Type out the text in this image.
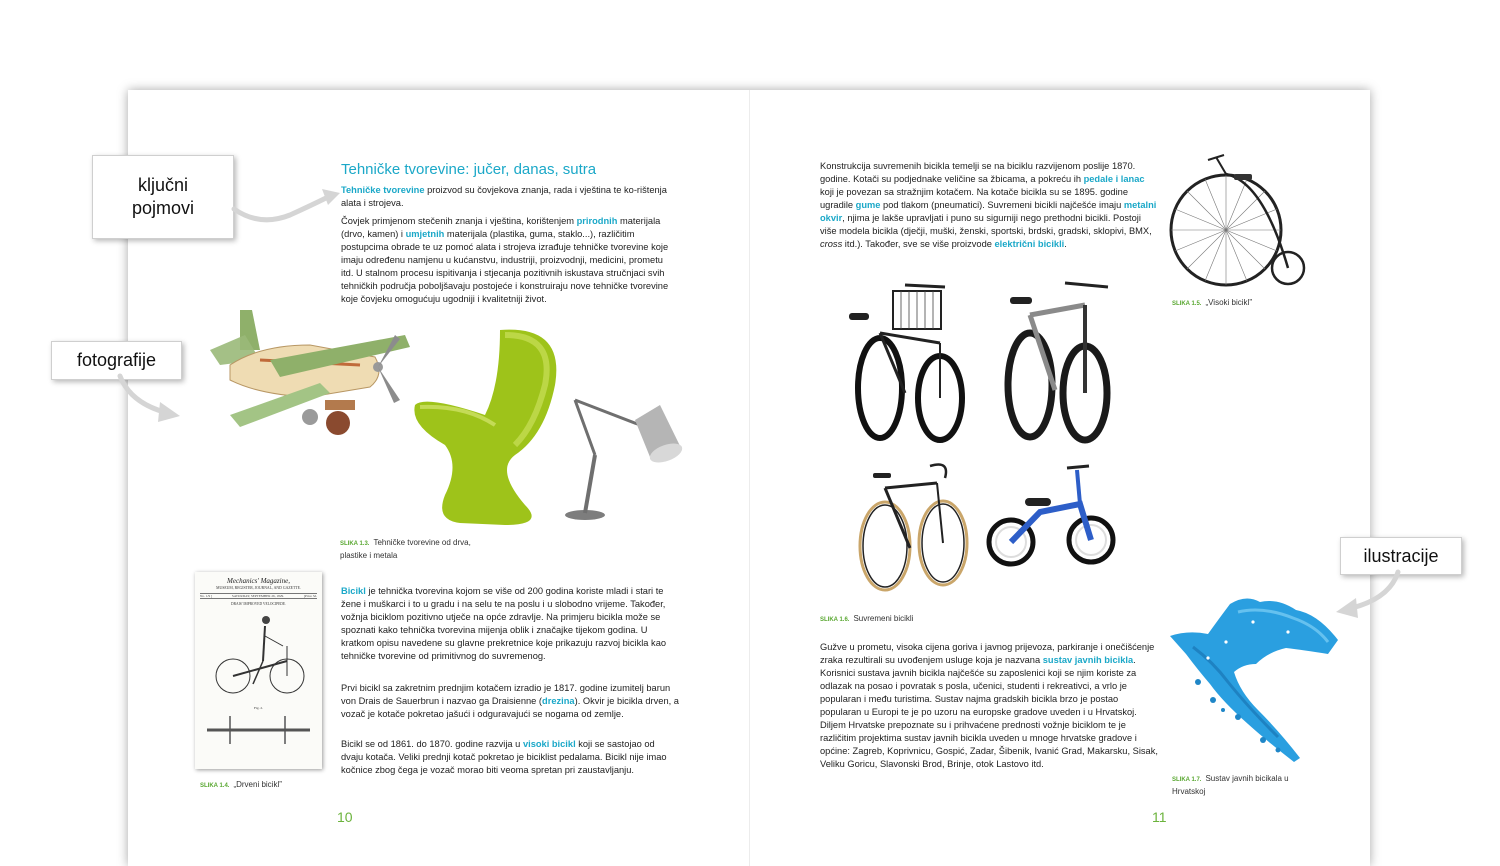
Tehničke tvorevine: jučer, danas, sutra
Tehničke tvorevine proizvod su čovjekova znanja, rada i vještina te ko-rištenja alata i strojeva.
Čovjek primjenom stečenih znanja i vještina, korištenjem prirodnih materijala (drvo, kamen) i umjetnih materijala (plastika, guma, staklo...), različitim postupcima obrade te uz pomoć alata i strojeva izrađuje tehničke tvorevine koje imaju određenu namjenu u kućanstvu, industriji, proizvodnji, medicini, prometu itd. U stalnom procesu ispitivanja i stjecanja pozitivnih iskustava stručnjaci svih tehničkih područja poboljšavaju postojeće i konstruiraju nove tehničke tvorevine koje čovjeku omogućuju ugodniji i kvalitetniji život.
SLIKA 1.3. Tehničke tvorevine od drva, plastike i metala
Mechanics' Magazine,
MUSEUM, REGISTER, JOURNAL, AND GAZETTE.
No. 1/9 ]	SATURDAY, SEPTEMBER 26, 1829.	[Price 3d.
DRAIS' IMPROVED VELOCIPEDE.
Fig. 2.
SLIKA 1.4. „Drveni bicikl”
Bicikl je tehnička tvorevina kojom se više od 200 godina koriste mladi i stari te žene i muškarci i to u gradu i na selu te na poslu i u slobodno vrijeme. Također, vožnja biciklom pozitivno utječe na opće zdravlje. Na primjeru bicikla može se spoznati kako tehnička tvorevina mijenja oblik i značajke tijekom godina. U kratkom opisu navedene su glavne prekretnice koje prikazuju razvoj bicikla kao tehničke tvorevine od primitivnog do suvremenog.
Prvi bicikl sa zakretnim prednjim kotačem izradio je 1817. godine izumitelj barun von Drais de Sauerbrun i nazvao ga Draisienne (drezina). Okvir je bicikla drven, a vozač je kotače pokretao jašući i odguravajući se nogama od zemlje.
Bicikl se od 1861. do 1870. godine razvija u visoki bicikl koji se sastojao od dvaju kotača. Veliki prednji kotač pokretao je biciklist pedalama. Bicikl nije imao kočnice zbog čega je vozač morao biti veoma spretan pri zaustavljanju.
10
Konstrukcija suvremenih bicikla temelji se na biciklu razvijenom poslije 1870. godine. Kotači su podjednake veličine sa žbicama, a pokreću ih pedale i lanac koji je povezan sa stražnjim kotačem. Na kotače bicikla su se 1895. godine ugradile gume pod tlakom (pneumatici). Suvremeni bicikli najčešće imaju metalni okvir, njima je lakše upravljati i puno su sigurniji nego prethodni bicikli. Postoji više modela bicikla (dječji, muški, ženski, sportski, brdski, gradski, sklopivi, BMX, cross itd.). Također, sve se više proizvode električni bicikli.
SLIKA 1.5. „Visoki bicikl”
SLIKA 1.6. Suvremeni bicikli
Gužve u prometu, visoka cijena goriva i javnog prijevoza, parkiranje i onečišćenje zraka rezultirali su uvođenjem usluge koja je nazvana sustav javnih bicikla. Korisnici sustava javnih bicikla najčešće su zaposlenici koji se njim koriste za odlazak na posao i povratak s posla, učenici, studenti i rekreativci, a vrlo je popularan i među turistima. Sustav najma gradskih bicikla brzo je postao popularan u Europi te je po uzoru na europske gradove uveden i u Hrvatskoj. Diljem Hrvatske prepoznate su i prihvaćene prednosti vožnje biciklom te je različitim projektima sustav javnih bicikla uveden u mnoge hrvatske gradove i općine: Zagreb, Koprivnicu, Gospić, Zadar, Šibenik, Ivanić Grad, Makarsku, Sisak, Veliku Goricu, Slavonski Brod, Brinje, otok Lastovo itd.
SLIKA 1.7. Sustav javnih bicikala u Hrvatskoj
11
ključni
pojmovi
fotografije
ilustracije
